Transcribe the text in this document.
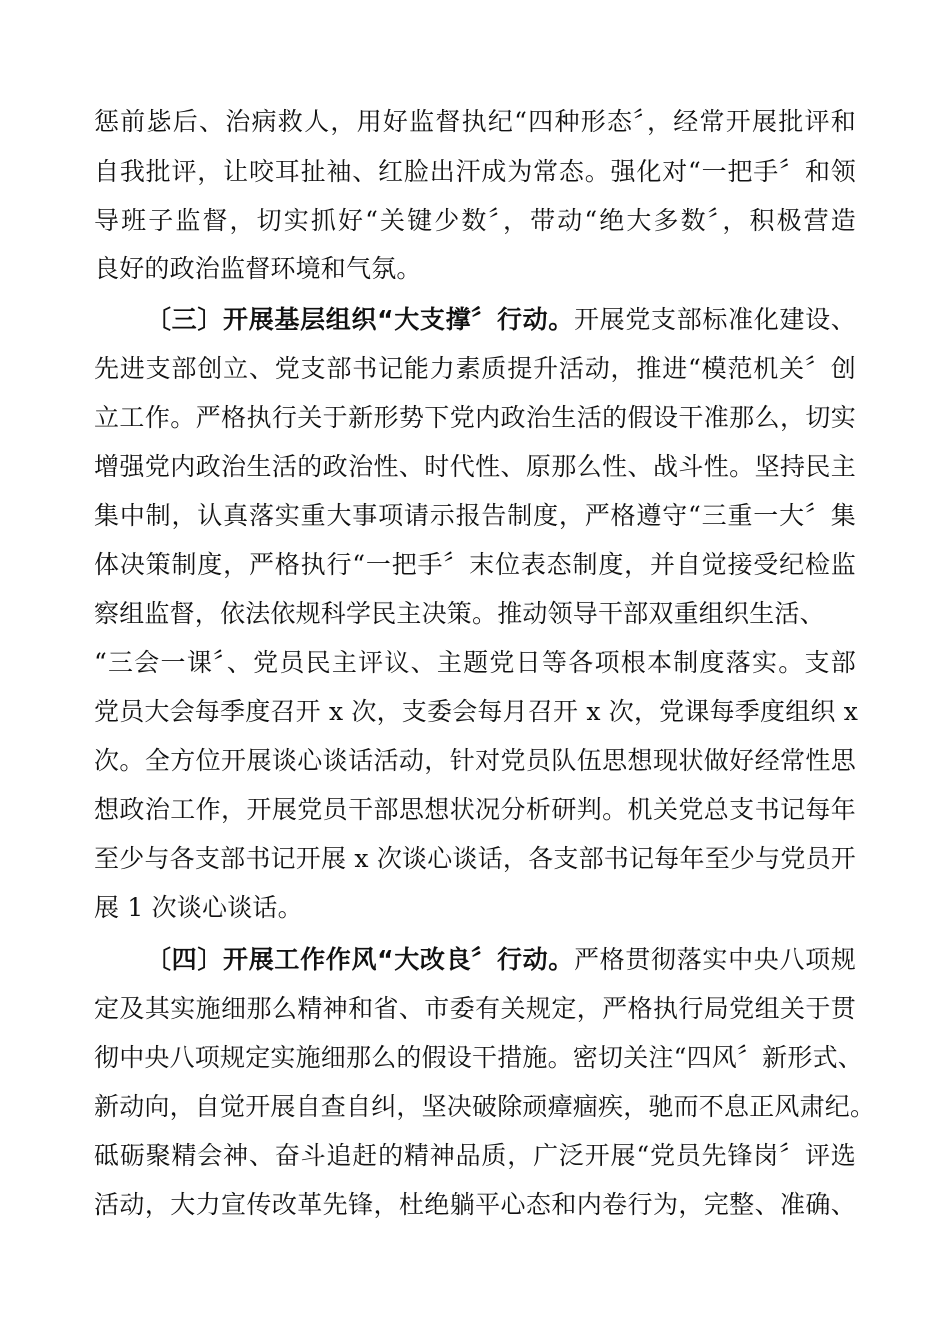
惩前毖后、治病救人，用好监督执纪“四种形态〞，经常开展批评和
自我批评，让咬耳扯袖、红脸出汗成为常态。强化对“一把手〞和领
导班子监督，切实抓好“关键少数〞，带动“绝大多数〞，积极营造
良好的政治监督环境和气氛。
〔三〕开展基层组织“大支撑〞行动。开展党支部标准化建设、
先进支部创立、党支部书记能力素质提升活动，推进“模范机关〞创
立工作。严格执行关于新形势下党内政治生活的假设干准那么，切实
增强党内政治生活的政治性、时代性、原那么性、战斗性。坚持民主
集中制，认真落实重大事项请示报告制度，严格遵守“三重一大〞集
体决策制度，严格执行“一把手〞末位表态制度，并自觉接受纪检监
察组监督，依法依规科学民主决策。推动领导干部双重组织生活、
“三会一课〞、党员民主评议、主题党日等各项根本制度落实。支部
党员大会每季度召开 x 次，支委会每月召开 x 次，党课每季度组织 x
次。全方位开展谈心谈话活动，针对党员队伍思想现状做好经常性思
想政治工作，开展党员干部思想状况分析研判。机关党总支书记每年
至少与各支部书记开展 x 次谈心谈话，各支部书记每年至少与党员开
展 1 次谈心谈话。
〔四〕开展工作作风“大改良〞行动。严格贯彻落实中央八项规
定及其实施细那么精神和省、市委有关规定，严格执行局党组关于贯
彻中央八项规定实施细那么的假设干措施。密切关注“四风〞新形式、
新动向，自觉开展自查自纠，坚决破除顽瘴痼疾，驰而不息正风肃纪。
砥砺聚精会神、奋斗追赶的精神品质，广泛开展“党员先锋岗〞评选
活动，大力宣传改革先锋，杜绝躺平心态和内卷行为，完整、准确、
